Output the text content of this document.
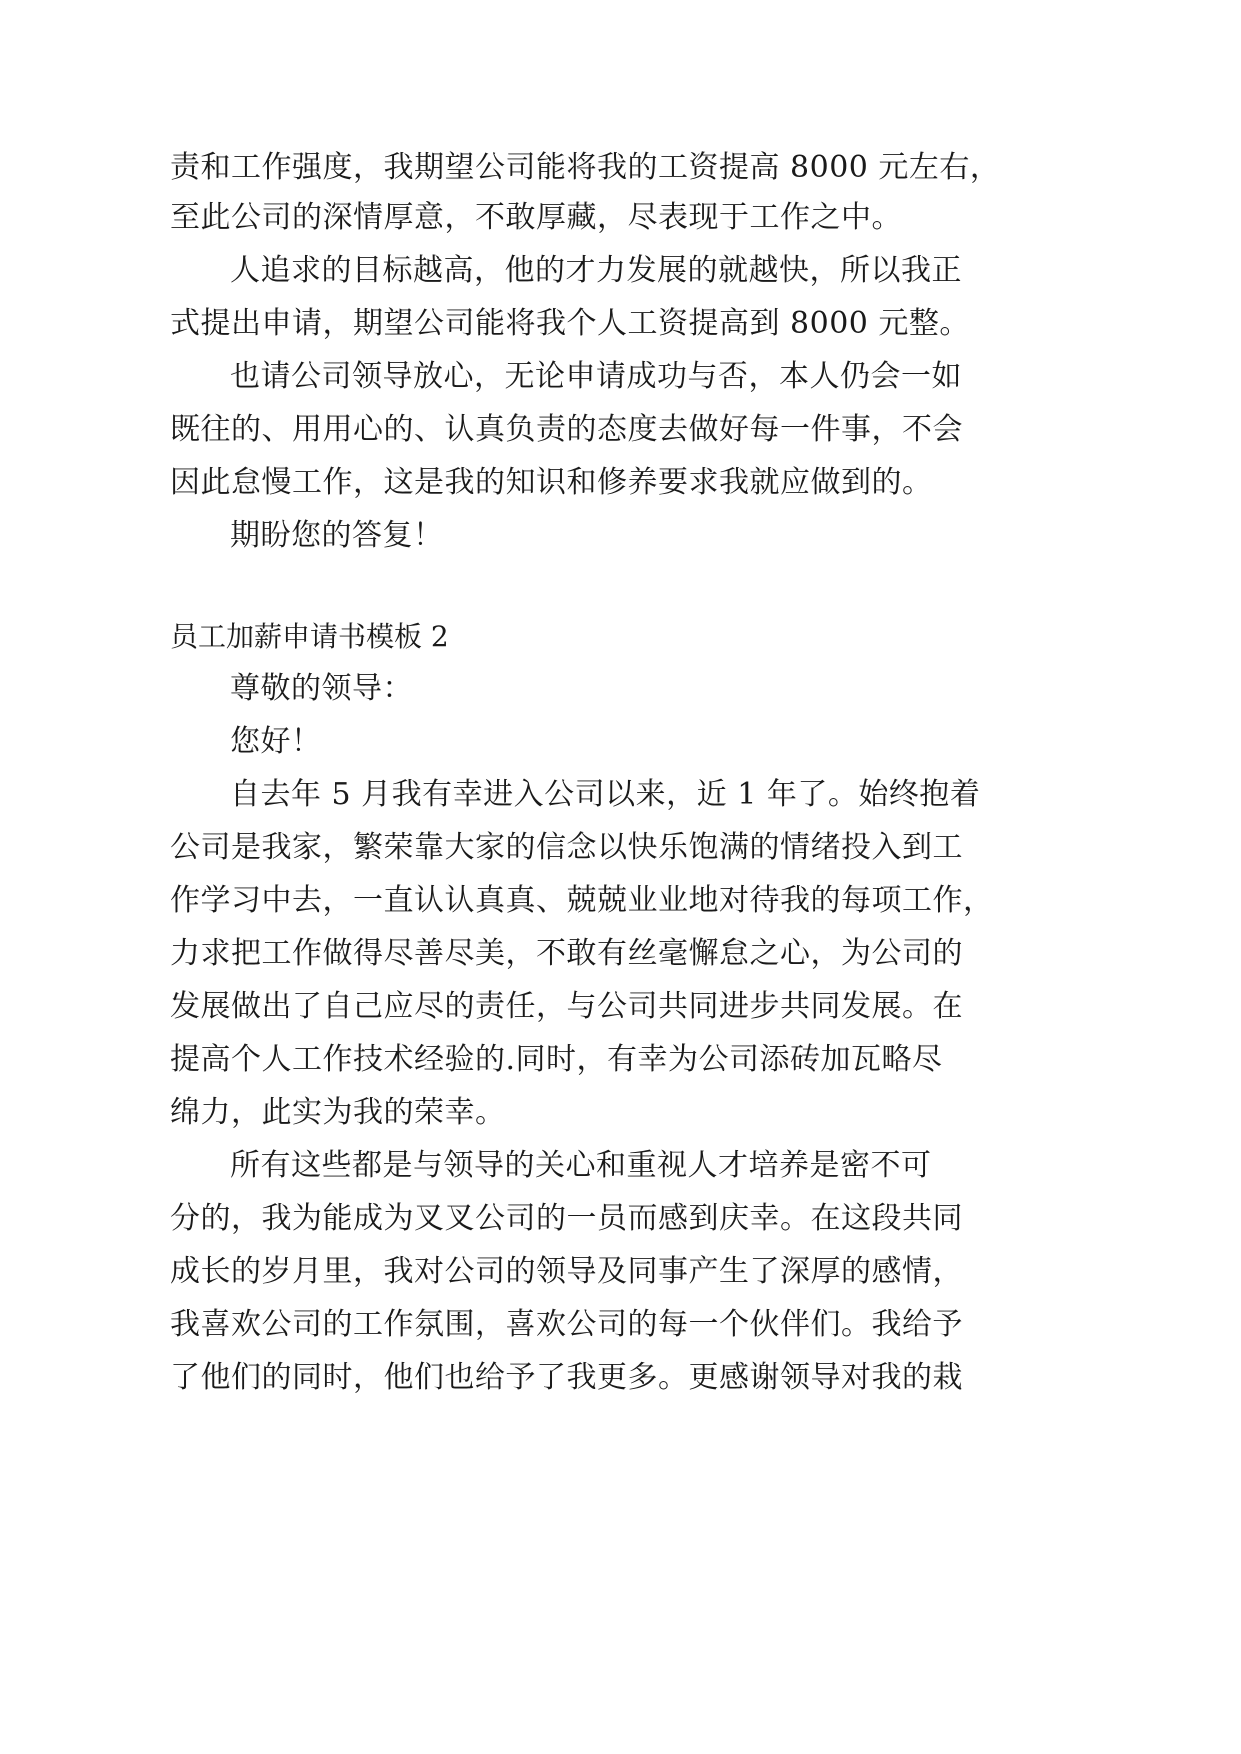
责和工作强度，我期望公司能将我的工资提高 8000 元左右，
至此公司的深情厚意，不敢厚藏，尽表现于工作之中。
人追求的目标越高，他的才力发展的就越快，所以我正
式提出申请，期望公司能将我个人工资提高到 8000 元整。
也请公司领导放心，无论申请成功与否，本人仍会一如
既往的、用用心的、认真负责的态度去做好每一件事，不会
因此怠慢工作，这是我的知识和修养要求我就应做到的。
期盼您的答复！
员工加薪申请书模板 2
尊敬的领导：
您好！
自去年 5 月我有幸进入公司以来，近 1 年了。始终抱着
公司是我家，繁荣靠大家的信念以快乐饱满的情绪投入到工
作学习中去，一直认认真真、兢兢业业地对待我的每项工作，
力求把工作做得尽善尽美，不敢有丝毫懈怠之心，为公司的
发展做出了自己应尽的责任，与公司共同进步共同发展。在
提高个人工作技术经验的.同时，有幸为公司添砖加瓦略尽
绵力，此实为我的荣幸。
所有这些都是与领导的关心和重视人才培养是密不可
分的，我为能成为叉叉公司的一员而感到庆幸。在这段共同
成长的岁月里，我对公司的领导及同事产生了深厚的感情，
我喜欢公司的工作氛围，喜欢公司的每一个伙伴们。我给予
了他们的同时，他们也给予了我更多。更感谢领导对我的栽
